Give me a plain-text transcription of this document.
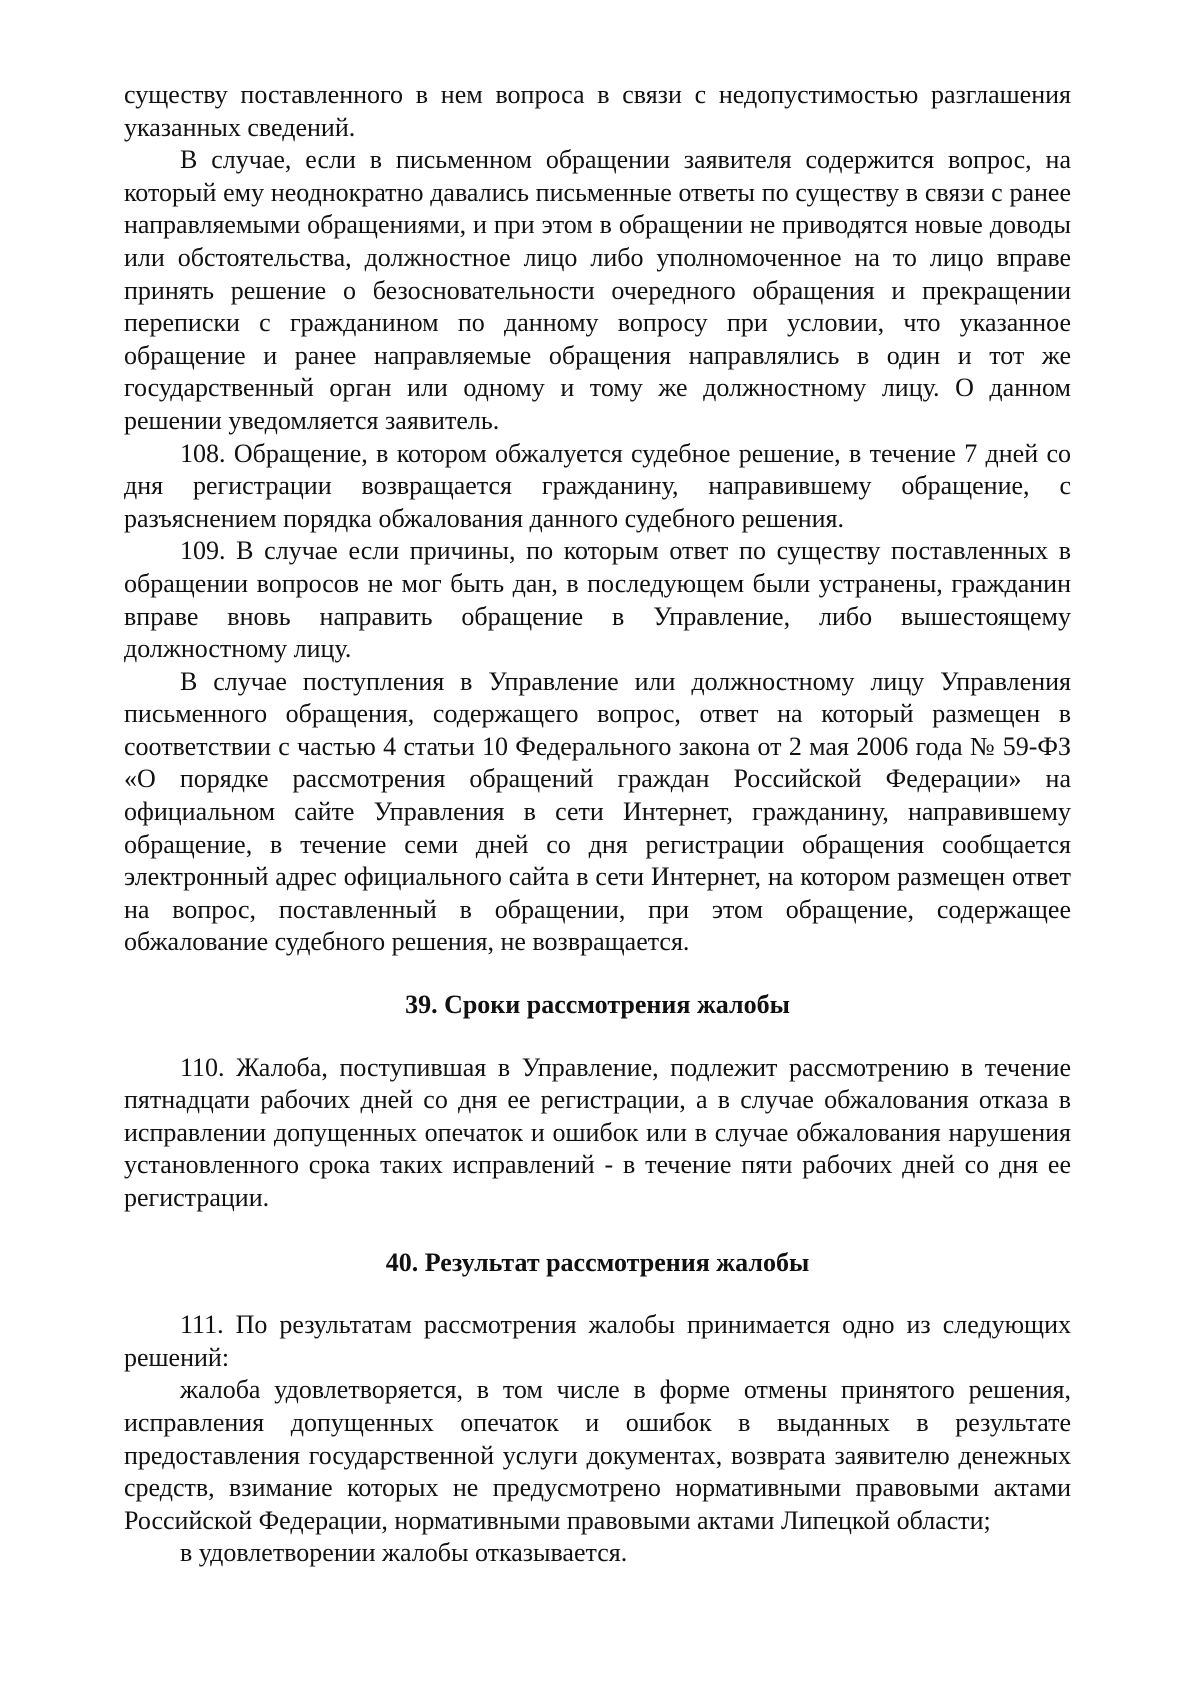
существу поставленного в нем вопроса в связи с недопустимостью разглашения указанных сведений.

В случае, если в письменном обращении заявителя содержится вопрос, на который ему неоднократно давались письменные ответы по существу в связи с ранее направляемыми обращениями, и при этом в обращении не приводятся новые доводы или обстоятельства, должностное лицо либо уполномоченное на то лицо вправе принять решение о безосновательности очередного обращения и прекращении переписки с гражданином по данному вопросу при условии, что указанное обращение и ранее направляемые обращения направлялись в один и тот же государственный орган или одному и тому же должностному лицу. О данном решении уведомляется заявитель.

108. Обращение, в котором обжалуется судебное решение, в течение 7 дней со дня регистрации возвращается гражданину, направившему обращение, с разъяснением порядка обжалования данного судебного решения.

109. В случае если причины, по которым ответ по существу поставленных в обращении вопросов не мог быть дан, в последующем были устранены, гражданин вправе вновь направить обращение в Управление, либо вышестоящему должностному лицу.

В случае поступления в Управление или должностному лицу Управления письменного обращения, содержащего вопрос, ответ на который размещен в соответствии с частью 4 статьи 10 Федерального закона от 2 мая 2006 года № 59-ФЗ «О порядке рассмотрения обращений граждан Российской Федерации» на официальном сайте Управления в сети Интернет, гражданину, направившему обращение, в течение семи дней со дня регистрации обращения сообщается электронный адрес официального сайта в сети Интернет, на котором размещен ответ на вопрос, поставленный в обращении, при этом обращение, содержащее обжалование судебного решения, не возвращается.

39. Сроки рассмотрения жалобы

110. Жалоба, поступившая в Управление, подлежит рассмотрению в течение пятнадцати рабочих дней со дня ее регистрации, а в случае обжалования отказа в исправлении допущенных опечаток и ошибок или в случае обжалования нарушения установленного срока таких исправлений - в течение пяти рабочих дней со дня ее регистрации.

40. Результат рассмотрения жалобы

111. По результатам рассмотрения жалобы принимается одно из следующих решений:

жалоба удовлетворяется, в том числе в форме отмены принятого решения, исправления допущенных опечаток и ошибок в выданных в результате предоставления государственной услуги документах, возврата заявителю денежных средств, взимание которых не предусмотрено нормативными правовыми актами Российской Федерации, нормативными правовыми актами Липецкой области;

в удовлетворении жалобы отказывается.
